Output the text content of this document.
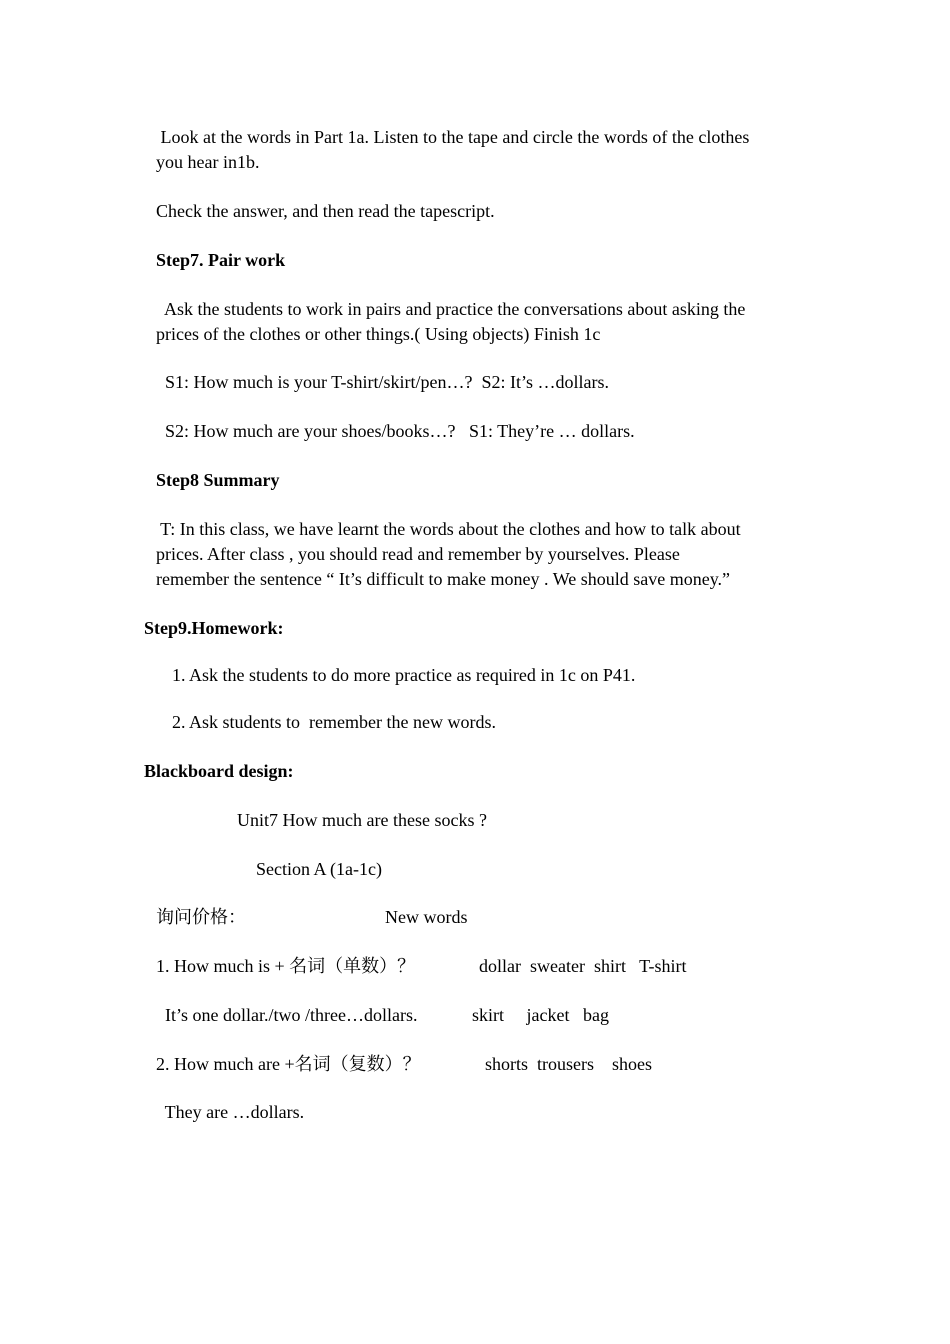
Look at the words in Part 1a. Listen to the tape and circle the words of the clothes
you hear in1b.
Check the answer, and then read the tapescript.
Step7. Pair work
Ask the students to work in pairs and practice the conversations about asking the
prices of the clothes or other things.( Using objects) Finish 1c
S1: How much is your T-shirt/skirt/pen…?  S2: It’s …dollars.
S2: How much are your shoes/books…?   S1: They’re … dollars.
Step8 Summary
T: In this class, we have learnt the words about the clothes and how to talk about
prices. After class , you should read and remember by yourselves. Please
remember the sentence “ It’s difficult to make money . We should save money.”
Step9.Homework:
1. Ask the students to do more practice as required in 1c on P41.
2. Ask students to  remember the new words.
Blackboard design:
Unit7 How much are these socks ?
Section A (1a-1c)
询问价格：	New words
1. How much is + 名词（单数）？	dollar  sweater  shirt   T-shirt
It’s one dollar./two /three…dollars.	skirt     jacket   bag
2. How much are +名词（复数）？	shorts  trousers    shoes
They are …dollars.
